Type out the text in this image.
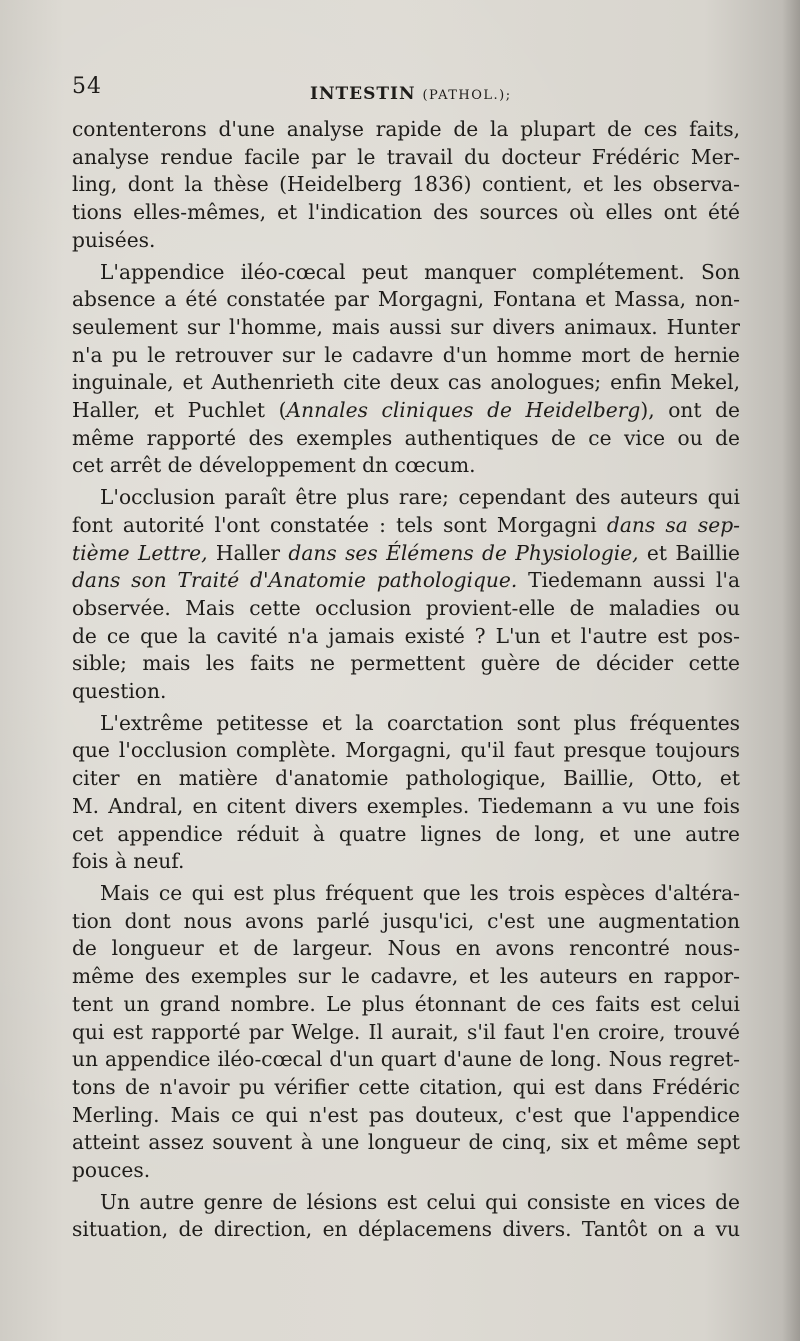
54	INTESTIN (PATHOL.);

contenterons d'une analyse rapide de la plupart de ces faits,
analyse rendue facile par le travail du docteur Frédéric Mer-
ling, dont la thèse (Heidelberg 1836) contient, et les observa-
tions elles-mêmes, et l'indication des sources où elles ont été
puisées.

L'appendice iléo-cœcal peut manquer complétement. Son
absence a été constatée par Morgagni, Fontana et Massa, non-
seulement sur l'homme, mais aussi sur divers animaux. Hunter
n'a pu le retrouver sur le cadavre d'un homme mort de hernie
inguinale, et Authenrieth cite deux cas anologues; enfin Mekel,
Haller, et Puchlet (Annales cliniques de Heidelberg), ont de
même rapporté des exemples authentiques de ce vice ou de
cet arrêt de développement dn cœcum.

L'occlusion paraît être plus rare; cependant des auteurs qui
font autorité l'ont constatée : tels sont Morgagni dans sa sep-
tième Lettre, Haller dans ses Élémens de Physiologie, et Baillie
dans son Traité d'Anatomie pathologique. Tiedemann aussi l'a
observée. Mais cette occlusion provient-elle de maladies ou
de ce que la cavité n'a jamais existé ? L'un et l'autre est pos-
sible; mais les faits ne permettent guère de décider cette
question.

L'extrême petitesse et la coarctation sont plus fréquentes
que l'occlusion complète. Morgagni, qu'il faut presque toujours
citer en matière d'anatomie pathologique, Baillie, Otto, et
M. Andral, en citent divers exemples. Tiedemann a vu une fois
cet appendice réduit à quatre lignes de long, et une autre
fois à neuf.

Mais ce qui est plus fréquent que les trois espèces d'altéra-
tion dont nous avons parlé jusqu'ici, c'est une augmentation
de longueur et de largeur. Nous en avons rencontré nous-
même des exemples sur le cadavre, et les auteurs en rappor-
tent un grand nombre. Le plus étonnant de ces faits est celui
qui est rapporté par Welge. Il aurait, s'il faut l'en croire, trouvé
un appendice iléo-cœcal d'un quart d'aune de long. Nous regret-
tons de n'avoir pu vérifier cette citation, qui est dans Frédéric
Merling. Mais ce qui n'est pas douteux, c'est que l'appendice
atteint assez souvent à une longueur de cinq, six et même sept
pouces.

Un autre genre de lésions est celui qui consiste en vices de
situation, de direction, en déplacemens divers. Tantôt on a vu
